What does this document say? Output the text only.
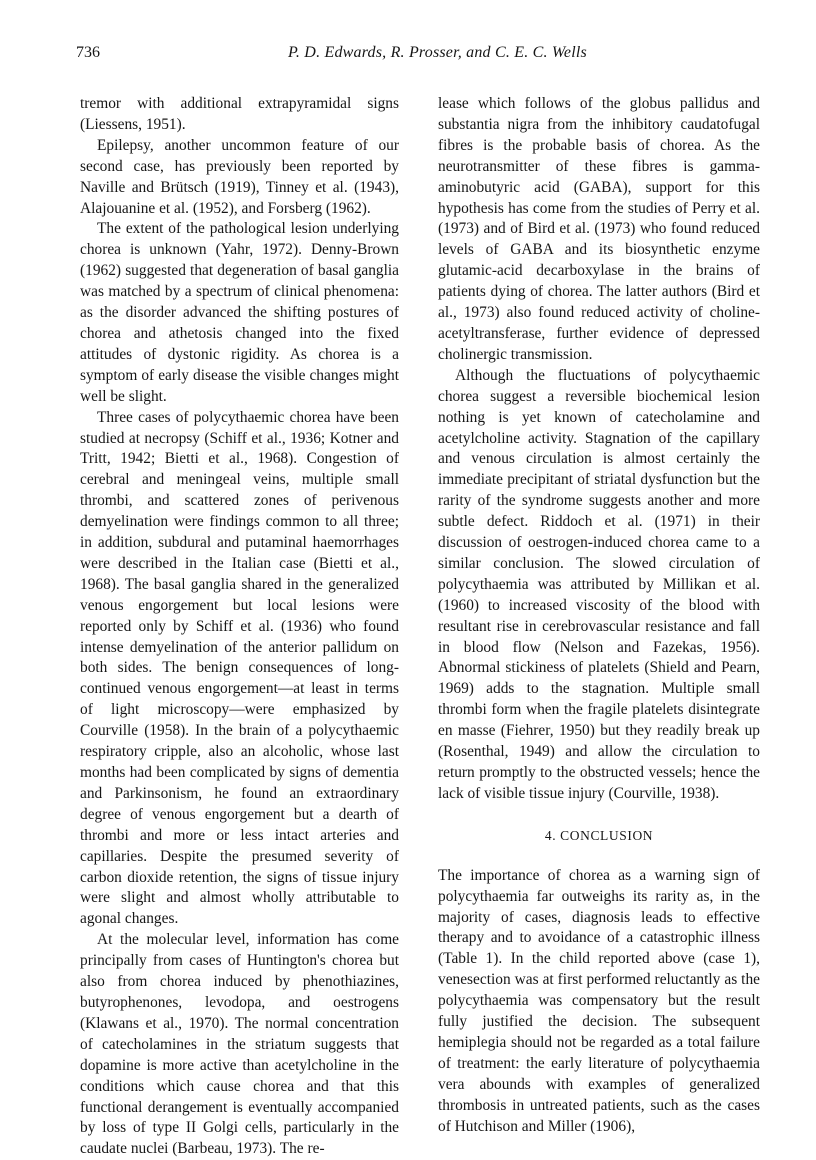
736	P. D. Edwards, R. Prosser, and C. E. C. Wells

tremor with additional extrapyramidal signs (Liessens, 1951).

Epilepsy, another uncommon feature of our second case, has previously been reported by Naville and Brütsch (1919), Tinney et al. (1943), Alajouanine et al. (1952), and Forsberg (1962).

The extent of the pathological lesion underlying chorea is unknown (Yahr, 1972). Denny-Brown (1962) suggested that degeneration of basal ganglia was matched by a spectrum of clinical phenomena: as the disorder advanced the shifting postures of chorea and athetosis changed into the fixed attitudes of dystonic rigidity. As chorea is a symptom of early disease the visible changes might well be slight.

Three cases of polycythaemic chorea have been studied at necropsy (Schiff et al., 1936; Kotner and Tritt, 1942; Bietti et al., 1968). Congestion of cerebral and meningeal veins, multiple small thrombi, and scattered zones of perivenous demyelination were findings common to all three; in addition, subdural and putaminal haemorrhages were described in the Italian case (Bietti et al., 1968). The basal ganglia shared in the generalized venous engorgement but local lesions were reported only by Schiff et al. (1936) who found intense demyelination of the anterior pallidum on both sides. The benign consequences of long-continued venous engorgement—at least in terms of light microscopy—were emphasized by Courville (1958). In the brain of a polycythaemic respiratory cripple, also an alcoholic, whose last months had been complicated by signs of dementia and Parkinsonism, he found an extraordinary degree of venous engorgement but a dearth of thrombi and more or less intact arteries and capillaries. Despite the presumed severity of carbon dioxide retention, the signs of tissue injury were slight and almost wholly attributable to agonal changes.

At the molecular level, information has come principally from cases of Huntington's chorea but also from chorea induced by phenothiazines, butyrophenones, levodopa, and oestrogens (Klawans et al., 1970). The normal concentration of catecholamines in the striatum suggests that dopamine is more active than acetylcholine in the conditions which cause chorea and that this functional derangement is eventually accompanied by loss of type II Golgi cells, particularly in the caudate nuclei (Barbeau, 1973). The re-

lease which follows of the globus pallidus and substantia nigra from the inhibitory caudatofugal fibres is the probable basis of chorea. As the neurotransmitter of these fibres is gamma-aminobutyric acid (GABA), support for this hypothesis has come from the studies of Perry et al. (1973) and of Bird et al. (1973) who found reduced levels of GABA and its biosynthetic enzyme glutamic-acid decarboxylase in the brains of patients dying of chorea. The latter authors (Bird et al., 1973) also found reduced activity of choline-acetyltransferase, further evidence of depressed cholinergic transmission.

Although the fluctuations of polycythaemic chorea suggest a reversible biochemical lesion nothing is yet known of catecholamine and acetylcholine activity. Stagnation of the capillary and venous circulation is almost certainly the immediate precipitant of striatal dysfunction but the rarity of the syndrome suggests another and more subtle defect. Riddoch et al. (1971) in their discussion of oestrogen-induced chorea came to a similar conclusion. The slowed circulation of polycythaemia was attributed by Millikan et al. (1960) to increased viscosity of the blood with resultant rise in cerebrovascular resistance and fall in blood flow (Nelson and Fazekas, 1956). Abnormal stickiness of platelets (Shield and Pearn, 1969) adds to the stagnation. Multiple small thrombi form when the fragile platelets disintegrate en masse (Fiehrer, 1950) but they readily break up (Rosenthal, 1949) and allow the circulation to return promptly to the obstructed vessels; hence the lack of visible tissue injury (Courville, 1938).

4. CONCLUSION

The importance of chorea as a warning sign of polycythaemia far outweighs its rarity as, in the majority of cases, diagnosis leads to effective therapy and to avoidance of a catastrophic illness (Table 1). In the child reported above (case 1), venesection was at first performed reluctantly as the polycythaemia was compensatory but the result fully justified the decision. The subsequent hemiplegia should not be regarded as a total failure of treatment: the early literature of polycythaemia vera abounds with examples of generalized thrombosis in untreated patients, such as the cases of Hutchison and Miller (1906),
